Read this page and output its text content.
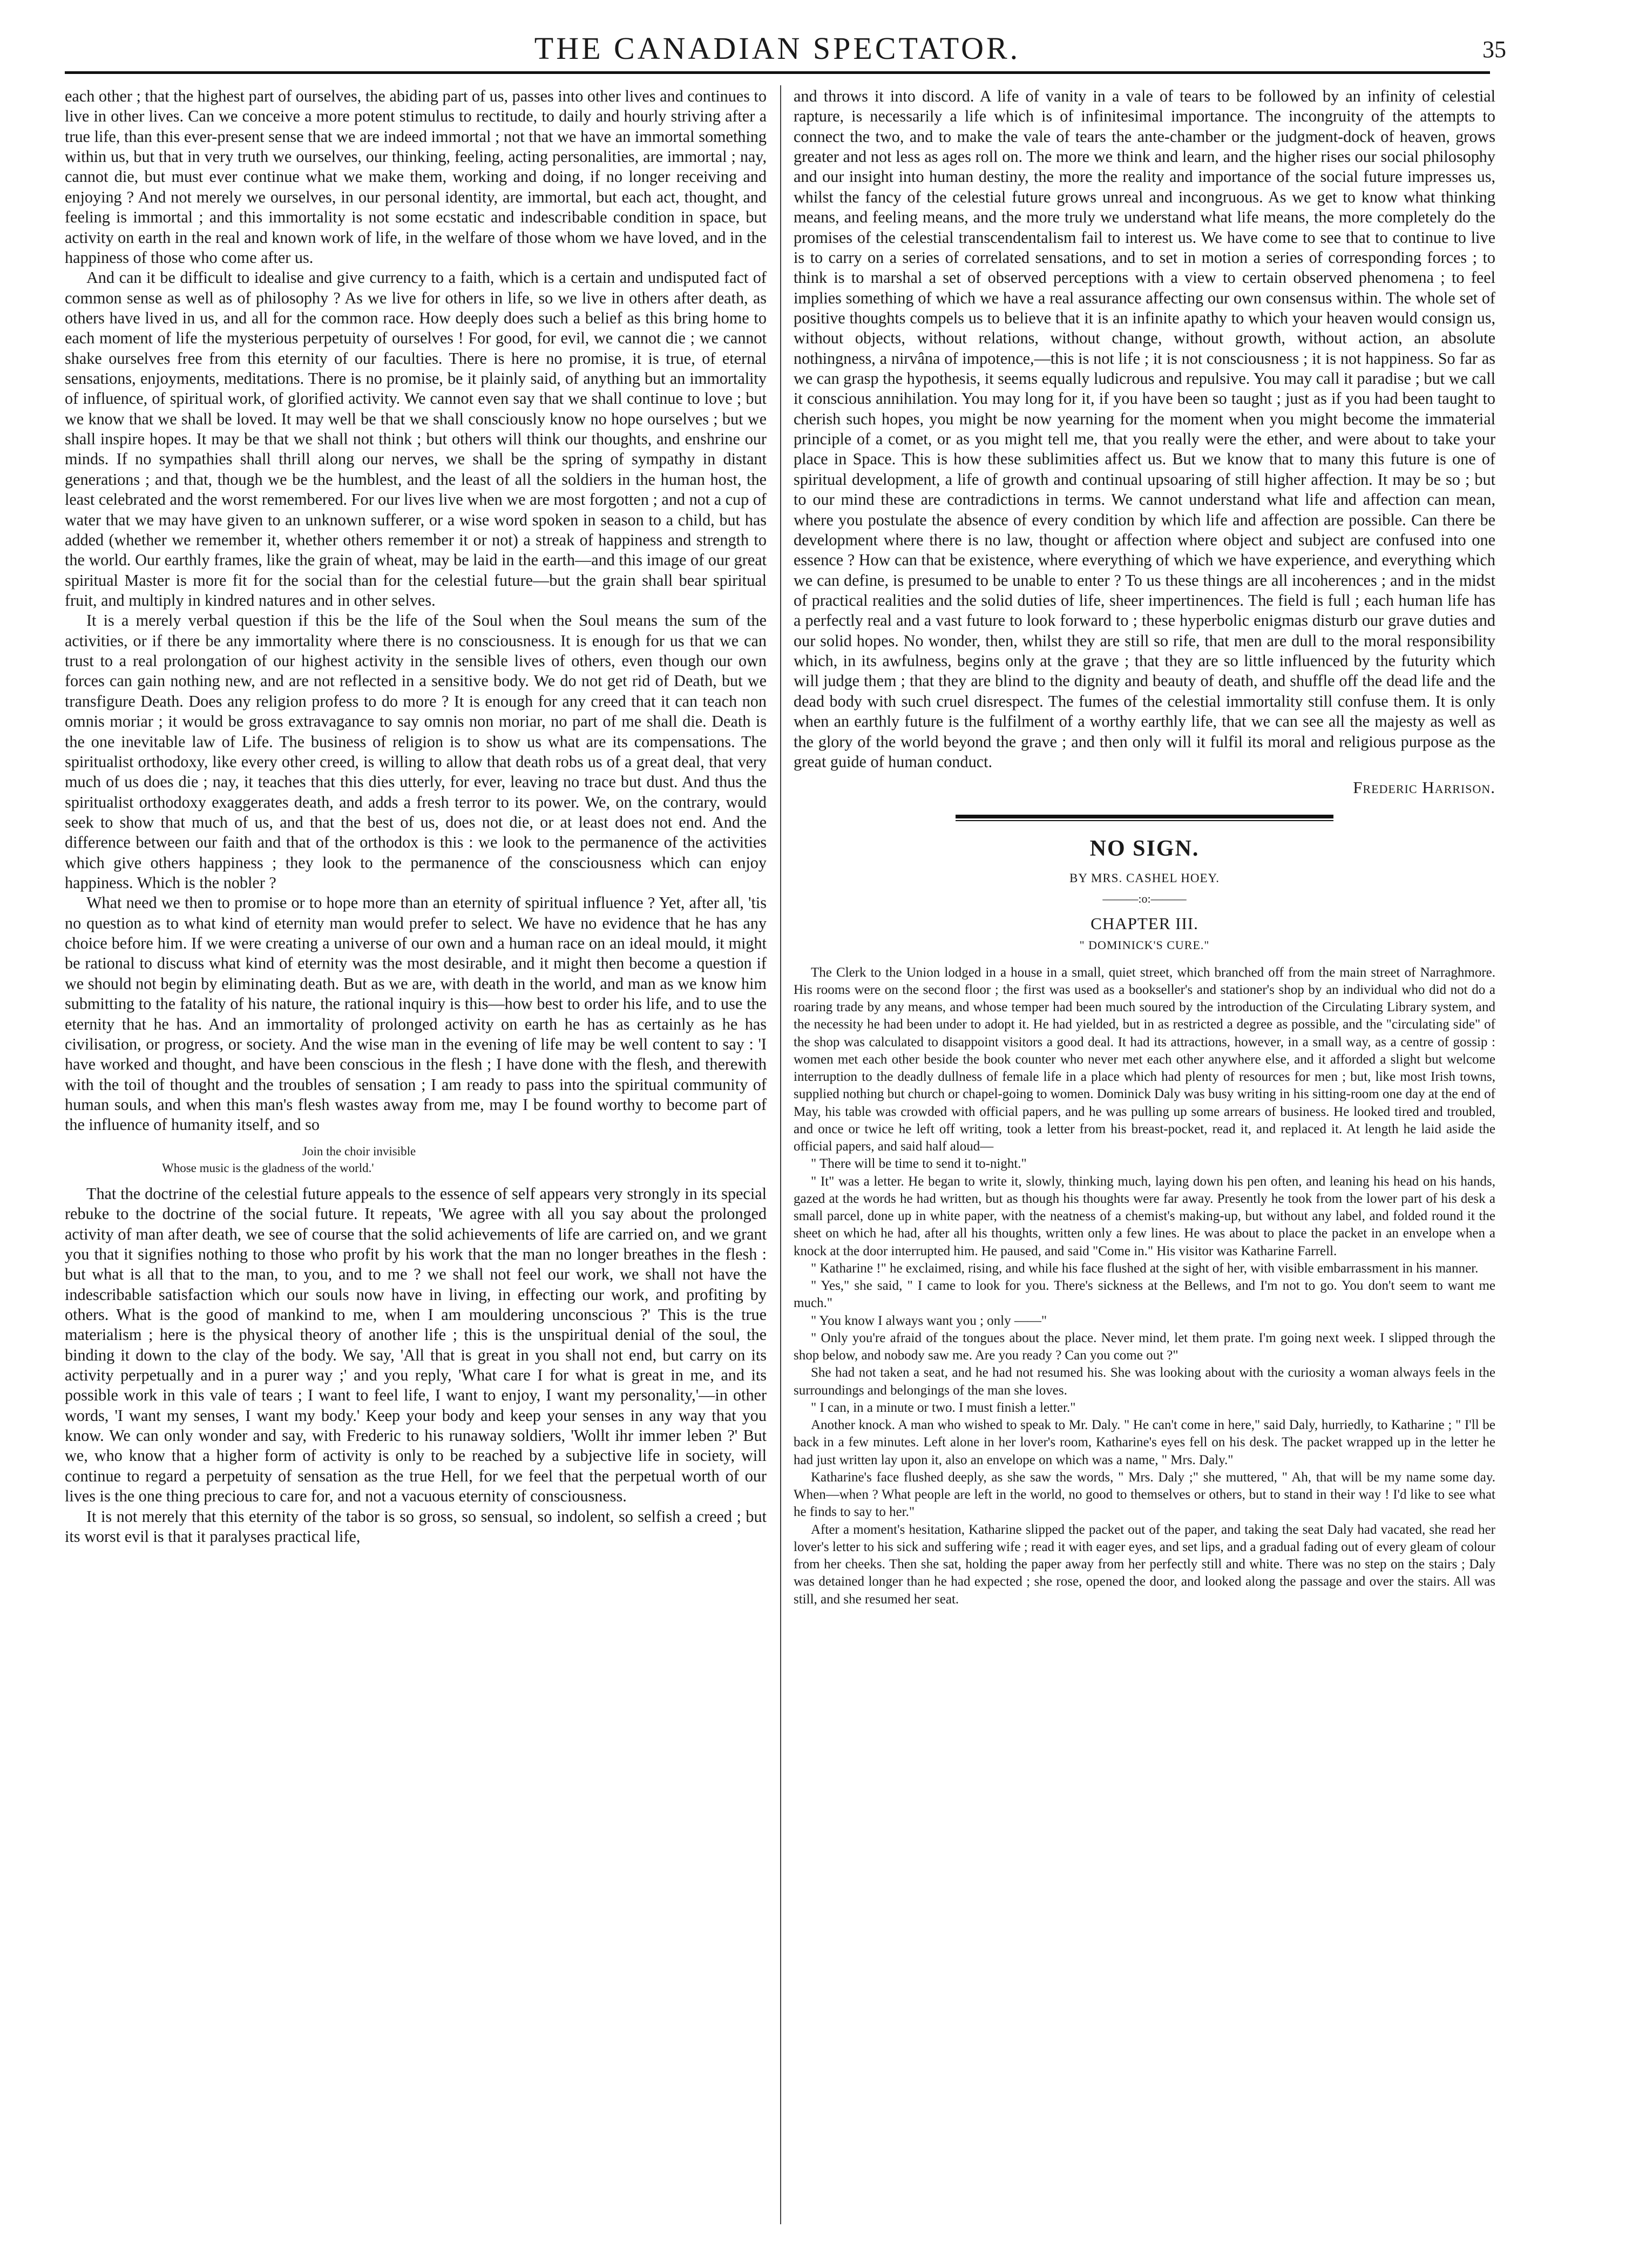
THE CANADIAN SPECTATOR.	35

each other ; that the highest part of ourselves, the abiding part of us, passes into other lives and continues to live in other lives. Can we conceive a more potent stimulus to rectitude, to daily and hourly striving after a true life, than this ever-present sense that we are indeed immortal ; not that we have an immortal something within us, but that in very truth we ourselves, our thinking, feeling, acting personalities, are immortal ; nay, cannot die, but must ever continue what we make them, working and doing, if no longer receiving and enjoying ? And not merely we ourselves, in our personal identity, are immortal, but each act, thought, and feeling is immortal ; and this immortality is not some ecstatic and indescribable condition in space, but activity on earth in the real and known work of life, in the welfare of those whom we have loved, and in the happiness of those who come after us.

And can it be difficult to idealise and give currency to a faith, which is a certain and undisputed fact of common sense as well as of philosophy ? As we live for others in life, so we live in others after death, as others have lived in us, and all for the common race. How deeply does such a belief as this bring home to each moment of life the mysterious perpetuity of ourselves ! For good, for evil, we cannot die ; we cannot shake ourselves free from this eternity of our faculties. There is here no promise, it is true, of eternal sensations, enjoyments, meditations. There is no promise, be it plainly said, of anything but an immortality of influence, of spiritual work, of glorified activity. We cannot even say that we shall continue to love ; but we know that we shall be loved. It may well be that we shall consciously know no hope ourselves ; but we shall inspire hopes. It may be that we shall not think ; but others will think our thoughts, and enshrine our minds. If no sympathies shall thrill along our nerves, we shall be the spring of sympathy in distant generations ; and that, though we be the humblest, and the least of all the soldiers in the human host, the least celebrated and the worst remembered. For our lives live when we are most forgotten ; and not a cup of water that we may have given to an unknown sufferer, or a wise word spoken in season to a child, but has added (whether we remember it, whether others remember it or not) a streak of happiness and strength to the world. Our earthly frames, like the grain of wheat, may be laid in the earth—and this image of our great spiritual Master is more fit for the social than for the celestial future—but the grain shall bear spiritual fruit, and multiply in kindred natures and in other selves.

It is a merely verbal question if this be the life of the Soul when the Soul means the sum of the activities, or if there be any immortality where there is no consciousness. It is enough for us that we can trust to a real prolongation of our highest activity in the sensible lives of others, even though our own forces can gain nothing new, and are not reflected in a sensitive body. We do not get rid of Death, but we transfigure Death. Does any religion profess to do more ? It is enough for any creed that it can teach non omnis moriar ; it would be gross extravagance to say omnis non moriar, no part of me shall die. Death is the one inevitable law of Life. The business of religion is to show us what are its compensations. The spiritualist orthodoxy, like every other creed, is willing to allow that death robs us of a great deal, that very much of us does die ; nay, it teaches that this dies utterly, for ever, leaving no trace but dust. And thus the spiritualist orthodoxy exaggerates death, and adds a fresh terror to its power. We, on the contrary, would seek to show that much of us, and that the best of us, does not die, or at least does not end. And the difference between our faith and that of the orthodox is this : we look to the permanence of the activities which give others happiness ; they look to the permanence of the consciousness which can enjoy happiness. Which is the nobler ?

What need we then to promise or to hope more than an eternity of spiritual influence ? Yet, after all, 'tis no question as to what kind of eternity man would prefer to select. We have no evidence that he has any choice before him. If we were creating a universe of our own and a human race on an ideal mould, it might be rational to discuss what kind of eternity was the most desirable, and it might then become a question if we should not begin by eliminating death. But as we are, with death in the world, and man as we know him submitting to the fatality of his nature, the rational inquiry is this—how best to order his life, and to use the eternity that he has. And an immortality of prolonged activity on earth he has as certainly as he has civilisation, or progress, or society. And the wise man in the evening of life may be well content to say : 'I have worked and thought, and have been conscious in the flesh ; I have done with the flesh, and therewith with the toil of thought and the troubles of sensation ; I am ready to pass into the spiritual community of human souls, and when this man's flesh wastes away from me, may I be found worthy to become part of the influence of humanity itself, and so

Join the choir invisible
Whose music is the gladness of the world.'

That the doctrine of the celestial future appeals to the essence of self appears very strongly in its special rebuke to the doctrine of the social future. It repeats, 'We agree with all you say about the prolonged activity of man after death, we see of course that the solid achievements of life are carried on, and we grant you that it signifies nothing to those who profit by his work that the man no longer breathes in the flesh : but what is all that to the man, to you, and to me ? we shall not feel our work, we shall not have the indescribable satisfaction which our souls now have in living, in effecting our work, and profiting by others. What is the good of mankind to me, when I am mouldering unconscious ?' This is the true materialism ; here is the physical theory of another life ; this is the unspiritual denial of the soul, the binding it down to the clay of the body. We say, 'All that is great in you shall not end, but carry on its activity perpetually and in a purer way ;' and you reply, 'What care I for what is great in me, and its possible work in this vale of tears ; I want to feel life, I want to enjoy, I want my personality,'—in other words, 'I want my senses, I want my body.' Keep your body and keep your senses in any way that you know. We can only wonder and say, with Frederic to his runaway soldiers, 'Wollt ihr immer leben ?' But we, who know that a higher form of activity is only to be reached by a subjective life in society, will continue to regard a perpetuity of sensation as the true Hell, for we feel that the perpetual worth of our lives is the one thing precious to care for, and not a vacuous eternity of consciousness.

It is not merely that this eternity of the tabor is so gross, so sensual, so indolent, so selfish a creed ; but its worst evil is that it paralyses practical life,

and throws it into discord. A life of vanity in a vale of tears to be followed by an infinity of celestial rapture, is necessarily a life which is of infinitesimal importance. The incongruity of the attempts to connect the two, and to make the vale of tears the ante-chamber or the judgment-dock of heaven, grows greater and not less as ages roll on. The more we think and learn, and the higher rises our social philosophy and our insight into human destiny, the more the reality and importance of the social future impresses us, whilst the fancy of the celestial future grows unreal and incongruous. As we get to know what thinking means, and feeling means, and the more truly we understand what life means, the more completely do the promises of the celestial transcendentalism fail to interest us. We have come to see that to continue to live is to carry on a series of correlated sensations, and to set in motion a series of corresponding forces ; to think is to marshal a set of observed perceptions with a view to certain observed phenomena ; to feel implies something of which we have a real assurance affecting our own consensus within. The whole set of positive thoughts compels us to believe that it is an infinite apathy to which your heaven would consign us, without objects, without relations, without change, without growth, without action, an absolute nothingness, a nirvâna of impotence,—this is not life ; it is not consciousness ; it is not happiness. So far as we can grasp the hypothesis, it seems equally ludicrous and repulsive. You may call it paradise ; but we call it conscious annihilation. You may long for it, if you have been so taught ; just as if you had been taught to cherish such hopes, you might be now yearning for the moment when you might become the immaterial principle of a comet, or as you might tell me, that you really were the ether, and were about to take your place in Space. This is how these sublimities affect us. But we know that to many this future is one of spiritual development, a life of growth and continual upsoaring of still higher affection. It may be so ; but to our mind these are contradictions in terms. We cannot understand what life and affection can mean, where you postulate the absence of every condition by which life and affection are possible. Can there be development where there is no law, thought or affection where object and subject are confused into one essence ? How can that be existence, where everything of which we have experience, and everything which we can define, is presumed to be unable to enter ? To us these things are all incoherences ; and in the midst of practical realities and the solid duties of life, sheer impertinences. The field is full ; each human life has a perfectly real and a vast future to look forward to ; these hyperbolic enigmas disturb our grave duties and our solid hopes. No wonder, then, whilst they are still so rife, that men are dull to the moral responsibility which, in its awfulness, begins only at the grave ; that they are so little influenced by the futurity which will judge them ; that they are blind to the dignity and beauty of death, and shuffle off the dead life and the dead body with such cruel disrespect. The fumes of the celestial immortality still confuse them. It is only when an earthly future is the fulfilment of a worthy earthly life, that we can see all the majesty as well as the glory of the world beyond the grave ; and then only will it fulfil its moral and religious purpose as the great guide of human conduct.

Frederic Harrison.
NO SIGN.
BY MRS. CASHEL HOEY.
———:o:———
CHAPTER III.
" DOMINICK'S CURE."

The Clerk to the Union lodged in a house in a small, quiet street, which branched off from the main street of Narraghmore. His rooms were on the second floor ; the first was used as a bookseller's and stationer's shop by an individual who did not do a roaring trade by any means, and whose temper had been much soured by the introduction of the Circulating Library system, and the necessity he had been under to adopt it. He had yielded, but in as restricted a degree as possible, and the "circulating side" of the shop was calculated to disappoint visitors a good deal. It had its attractions, however, in a small way, as a centre of gossip : women met each other beside the book counter who never met each other anywhere else, and it afforded a slight but welcome interruption to the deadly dullness of female life in a place which had plenty of resources for men ; but, like most Irish towns, supplied nothing but church or chapel-going to women. Dominick Daly was busy writing in his sitting-room one day at the end of May, his table was crowded with official papers, and he was pulling up some arrears of business. He looked tired and troubled, and once or twice he left off writing, took a letter from his breast-pocket, read it, and replaced it. At length he laid aside the official papers, and said half aloud—

" There will be time to send it to-night."

" It" was a letter. He began to write it, slowly, thinking much, laying down his pen often, and leaning his head on his hands, gazed at the words he had written, but as though his thoughts were far away. Presently he took from the lower part of his desk a small parcel, done up in white paper, with the neatness of a chemist's making-up, but without any label, and folded round it the sheet on which he had, after all his thoughts, written only a few lines. He was about to place the packet in an envelope when a knock at the door interrupted him. He paused, and said "Come in." His visitor was Katharine Farrell.

" Katharine !" he exclaimed, rising, and while his face flushed at the sight of her, with visible embarrassment in his manner.

" Yes," she said, " I came to look for you. There's sickness at the Bellews, and I'm not to go. You don't seem to want me much."

" You know I always want you ; only ——"

" Only you're afraid of the tongues about the place. Never mind, let them prate. I'm going next week. I slipped through the shop below, and nobody saw me. Are you ready ? Can you come out ?"

She had not taken a seat, and he had not resumed his. She was looking about with the curiosity a woman always feels in the surroundings and belongings of the man she loves.

" I can, in a minute or two. I must finish a letter."

Another knock. A man who wished to speak to Mr. Daly. " He can't come in here," said Daly, hurriedly, to Katharine ; " I'll be back in a few minutes. Left alone in her lover's room, Katharine's eyes fell on his desk. The packet wrapped up in the letter he had just written lay upon it, also an envelope on which was a name, " Mrs. Daly."

Katharine's face flushed deeply, as she saw the words, " Mrs. Daly ;" she muttered, " Ah, that will be my name some day. When—when ? What people are left in the world, no good to themselves or others, but to stand in their way ! I'd like to see what he finds to say to her."

After a moment's hesitation, Katharine slipped the packet out of the paper, and taking the seat Daly had vacated, she read her lover's letter to his sick and suffering wife ; read it with eager eyes, and set lips, and a gradual fading out of every gleam of colour from her cheeks. Then she sat, holding the paper away from her perfectly still and white. There was no step on the stairs ; Daly was detained longer than he had expected ; she rose, opened the door, and looked along the passage and over the stairs. All was still, and she resumed her seat.
